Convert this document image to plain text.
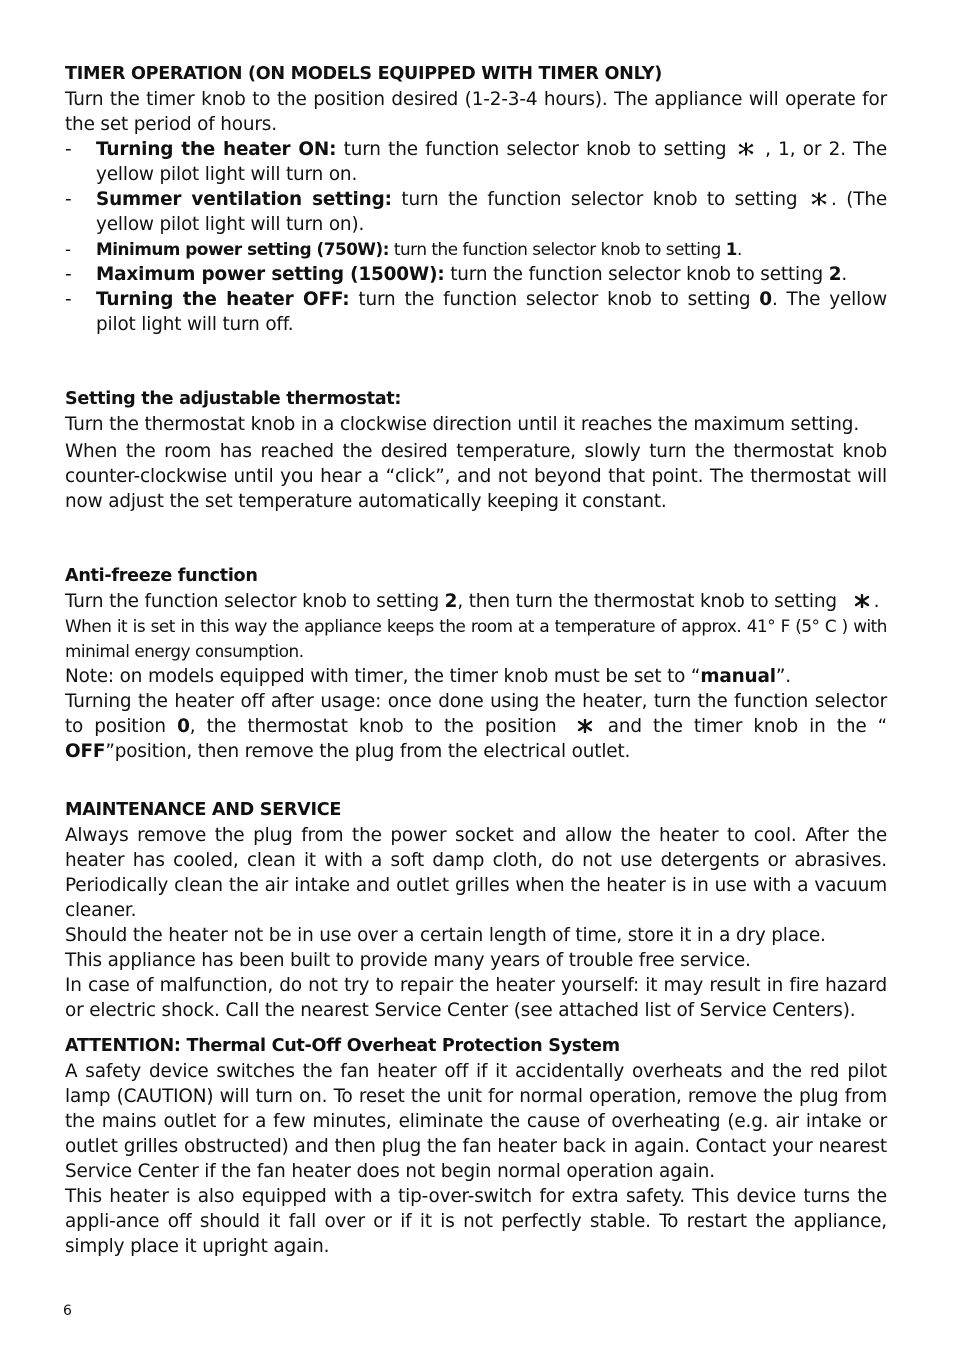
TIMER OPERATION (ON MODELS EQUIPPED WITH TIMER ONLY)

Turn the timer knob to the position desired (1-2-3-4 hours). The appliance will operate for the set period of hours.

- Turning the heater ON: turn the function selector knob to setting  , 1, or 2. The yellow pilot light will turn on.
- Summer ventilation setting: turn the function selector knob to setting . (The yellow pilot light will turn on).
- Minimum power setting (750W): turn the function selector knob to setting 1.
- Maximum power setting (1500W): turn the function selector knob to setting 2.
- Turning the heater OFF: turn the function selector knob to setting 0. The yellow pilot light will turn off.

Setting the adjustable thermostat:

Turn the thermostat knob in a clockwise direction until it reaches the maximum setting.

When the room has reached the desired temperature, slowly turn the thermostat knob counter-clockwise until you hear a “click”, and not beyond that point. The thermostat will now adjust the set temperature automatically keeping it constant.

Anti-freeze function

Turn the function selector knob to setting 2, then turn the thermostat knob to setting .

When it is set in this way the appliance keeps the room at a temperature of approx. 41° F (5° C ) with minimal energy consumption.

Note: on models equipped with timer, the timer knob must be set to “manual”.

Turning the heater off after usage: once done using the heater, turn the function selector to position 0, the thermostat knob to the position  and the timer knob in the “ OFF”position, then remove the plug from the electrical outlet.

MAINTENANCE AND SERVICE

Always remove the plug from the power socket and allow the heater to cool. After the heater has cooled, clean it with a soft damp cloth, do not use detergents or abrasives. Periodically clean the air intake and outlet grilles when the heater is in use with a vacuum cleaner.

Should the heater not be in use over a certain length of time, store it in a dry place.

This appliance has been built to provide many years of trouble free service.

In case of malfunction, do not try to repair the heater yourself: it may result in fire hazard or electric shock. Call the nearest Service Center (see attached list of Service Centers).

ATTENTION: Thermal Cut-Off Overheat Protection System

A safety device switches the fan heater off if it accidentally overheats and the red pilot lamp (CAUTION) will turn on. To reset the unit for normal operation, remove the plug from the mains outlet for a few minutes, eliminate the cause of overheating (e.g. air intake or outlet grilles obstructed) and then plug the fan heater back in again. Contact your nearest Service Center if the fan heater does not begin normal operation again.

This heater is also equipped with a tip-over-switch for extra safety. This device turns the appli-ance off should it fall over or if it is not perfectly stable. To restart the appliance, simply place it upright again.

6
